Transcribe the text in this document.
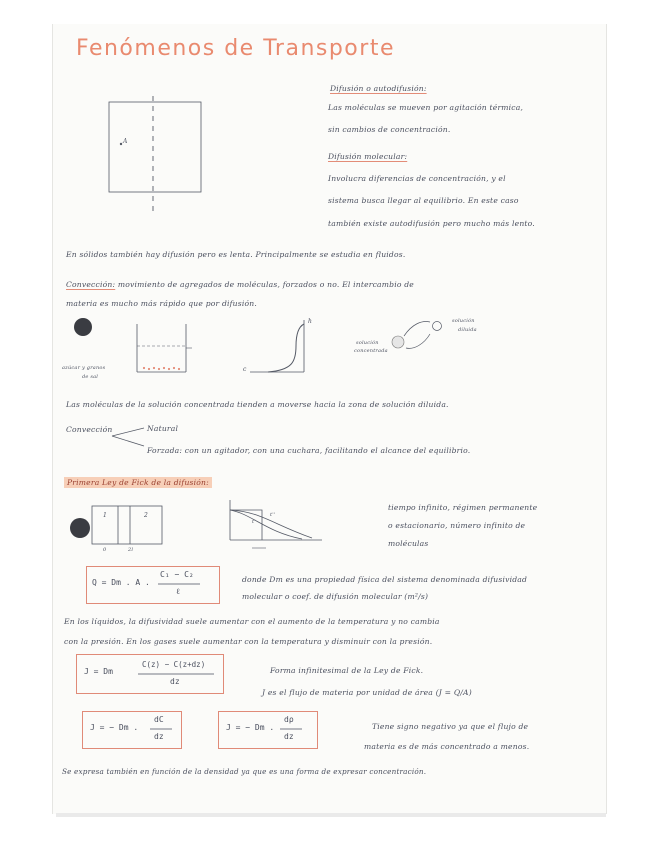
Fenómenos de Transporte
A
Difusión o autodifusión:
Las moléculas se mueven por agitación térmica,
sin cambios de concentración.
Difusión molecular:
Involucra diferencias de concentración, y el
sistema busca llegar al equilibrio. En este caso
también existe autodifusión pero mucho más lento.
En sólidos también hay difusión pero es lenta. Principalmente se estudia en fluidos.
Convección: movimiento de agregados de moléculas, forzados o no. El intercambio de
materia es mucho más rápido que por difusión.
azúcar y granos
de sal
c
h	solución
diluida
solución
concentrada
Las moléculas de la solución concentrada tienden a moverse hacia la zona de solución diluida.
Convección	Natural
Forzada: con un agitador, con una cuchara, facilitando el alcance del equilibrio.
Primera Ley de Fick de la difusión:
1	2
0	2l
t'
t''
tiempo infinito, régimen permanente
o estacionario, número infinito de
moléculas
Q = Dm . A .
C₁ − C₂
ℓ
donde Dm es una propiedad física del sistema denominada difusividad
molecular o coef. de difusión molecular (m²/s)
En los líquidos, la difusividad suele aumentar con el aumento de la temperatura y no cambia
con la presión. En los gases suele aumentar con la temperatura y disminuir con la presión.
J = Dm
C(z) − C(z+dz)
dz
Forma infinitesimal de la Ley de Fick.
J es el flujo de materia por unidad de área (J = Q/A)
J = − Dm .
dC
dz
J = − Dm .
dρ
dz
Tiene signo negativo ya que el flujo de
materia es de más concentrado a menos.
Se expresa también en función de la densidad ya que es una forma de expresar concentración.
